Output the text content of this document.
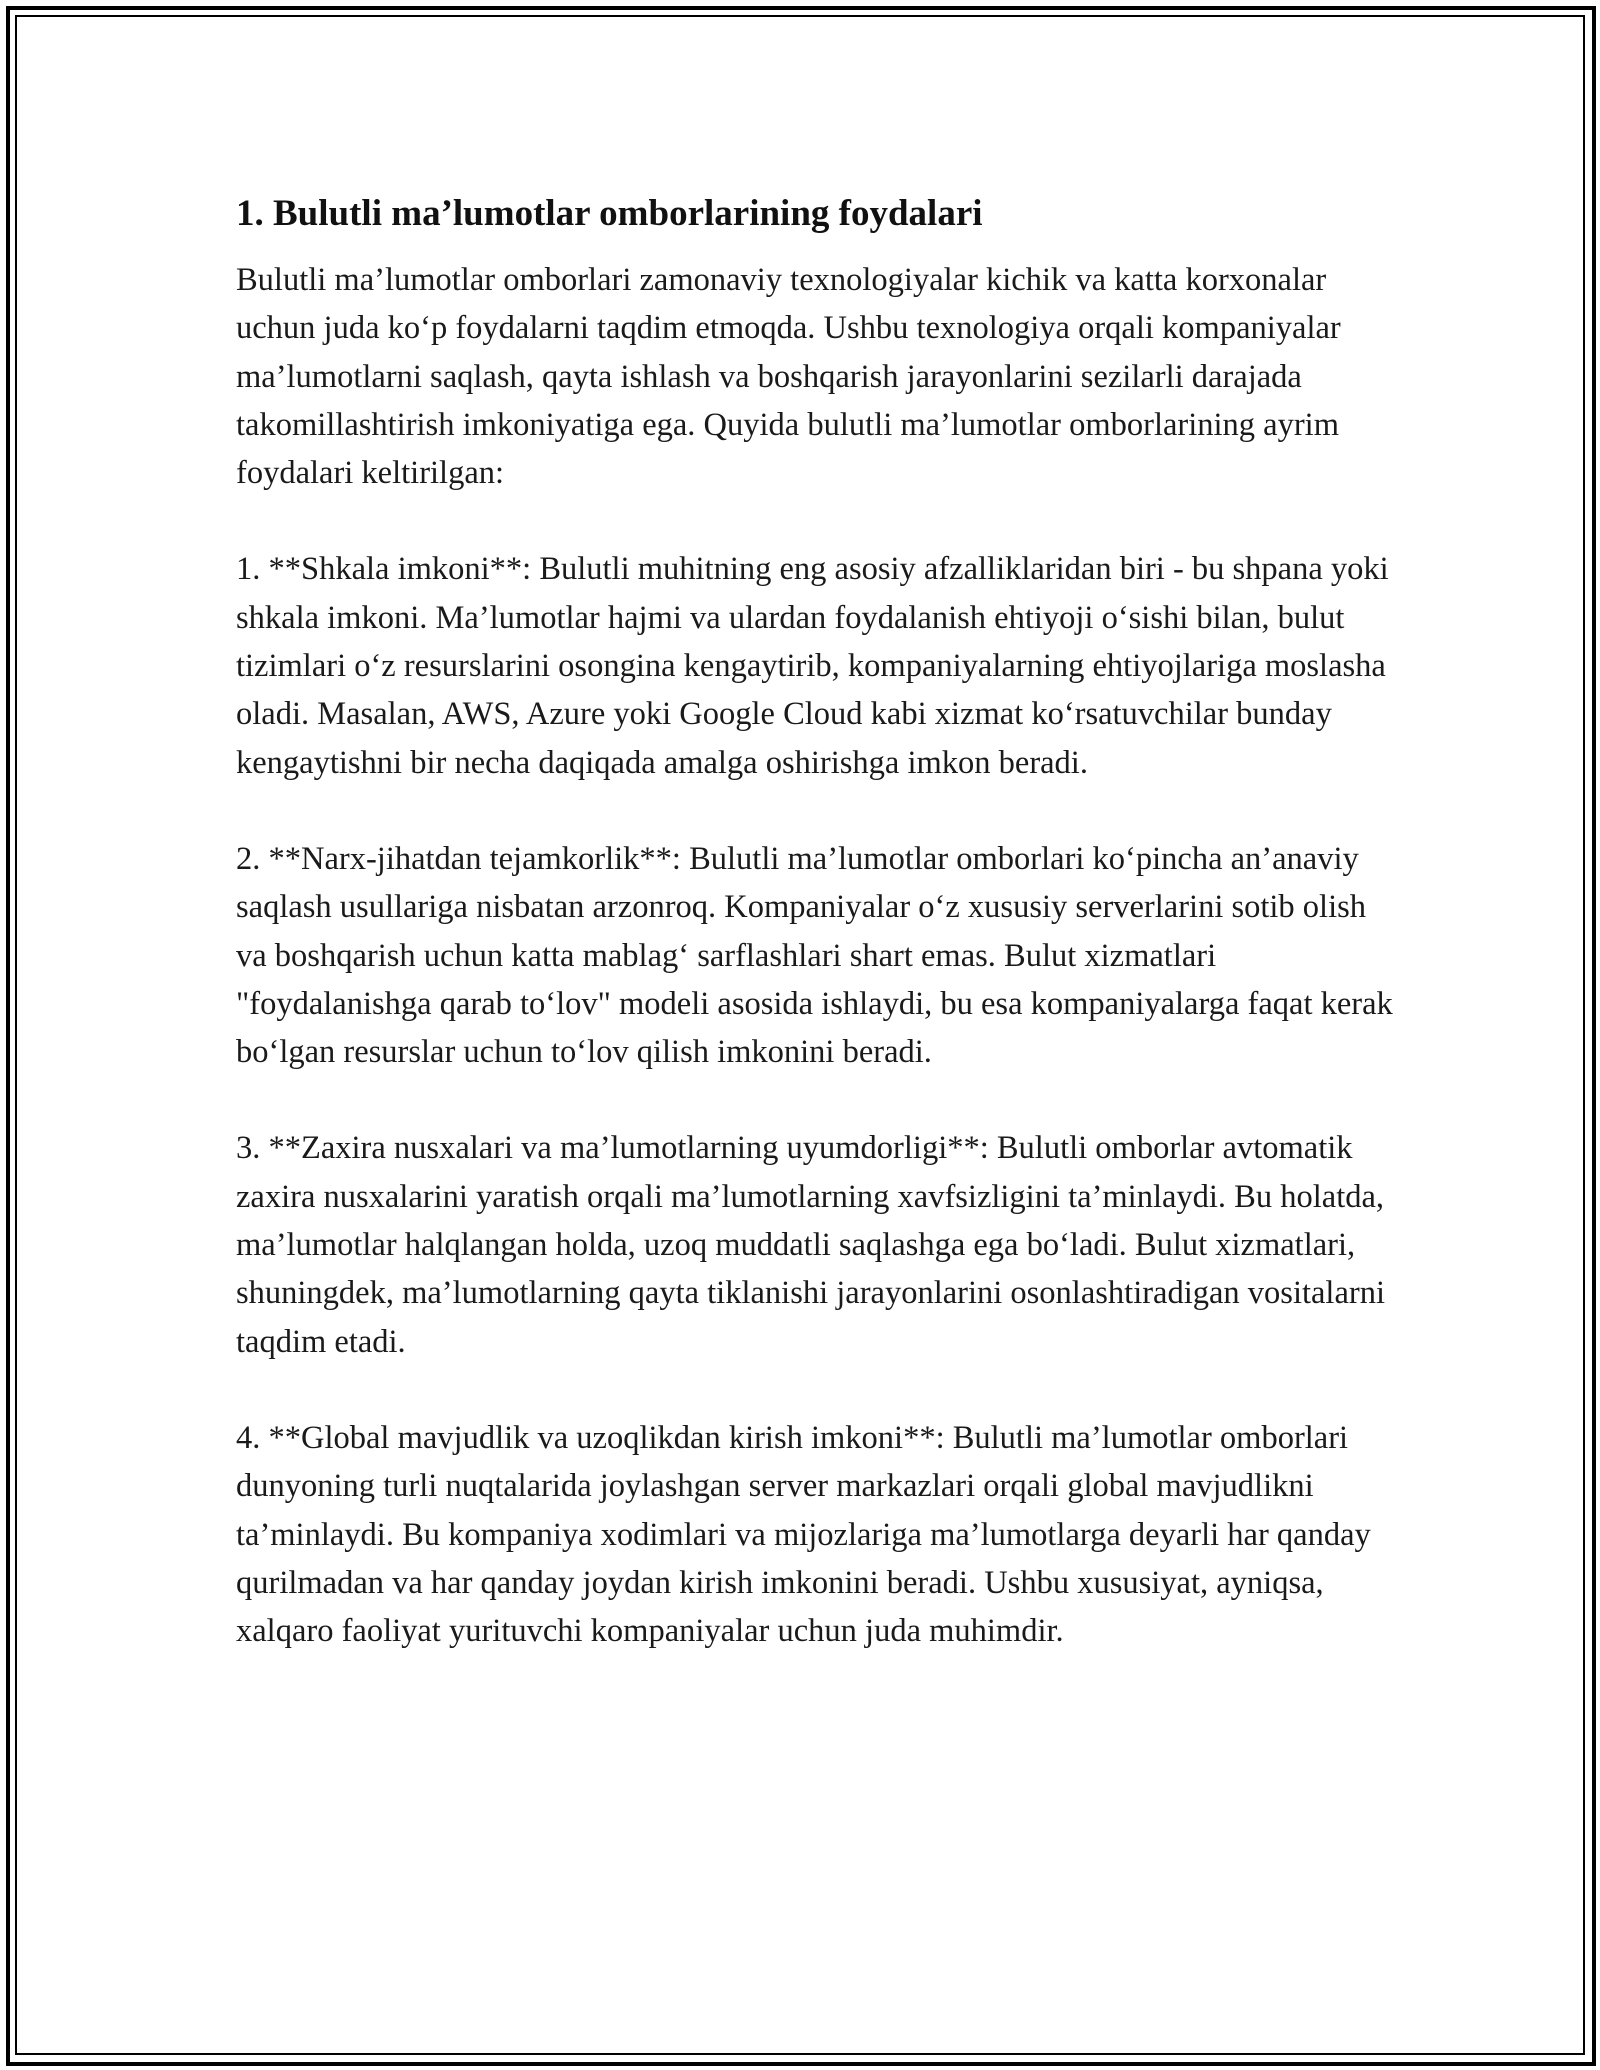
1. Bulutli ma’lumotlar omborlarining foydalari

Bulutli ma’lumotlar omborlari zamonaviy texnologiyalar kichik va katta korxonalar uchun juda ko‘p foydalarni taqdim etmoqda. Ushbu texnologiya orqali kompaniyalar ma’lumotlarni saqlash, qayta ishlash va boshqarish jarayonlarini sezilarli darajada takomillashtirish imkoniyatiga ega. Quyida bulutli ma’lumotlar omborlarining ayrim foydalari keltirilgan:

1. **Shkala imkoni**: Bulutli muhitning eng asosiy afzalliklaridan biri - bu shpana yoki shkala imkoni. Ma’lumotlar hajmi va ulardan foydalanish ehtiyoji o‘sishi bilan, bulut tizimlari o‘z resurslarini osongina kengaytirib, kompaniyalarning ehtiyojlariga moslasha oladi. Masalan, AWS, Azure yoki Google Cloud kabi xizmat ko‘rsatuvchilar bunday kengaytishni bir necha daqiqada amalga oshirishga imkon beradi.

2. **Narx-jihatdan tejamkorlik**: Bulutli ma’lumotlar omborlari ko‘pincha an’anaviy saqlash usullariga nisbatan arzonroq. Kompaniyalar o‘z xususiy serverlarini sotib olish va boshqarish uchun katta mablag‘ sarflashlari shart emas. Bulut xizmatlari "foydalanishga qarab to‘lov" modeli asosida ishlaydi, bu esa kompaniyalarga faqat kerak bo‘lgan resurslar uchun to‘lov qilish imkonini beradi.

3. **Zaxira nusxalari va ma’lumotlarning uyumdorligi**: Bulutli omborlar avtomatik zaxira nusxalarini yaratish orqali ma’lumotlarning xavfsizligini ta’minlaydi. Bu holatda, ma’lumotlar halqlangan holda, uzoq muddatli saqlashga ega bo‘ladi. Bulut xizmatlari, shuningdek, ma’lumotlarning qayta tiklanishi jarayonlarini osonlashtiradigan vositalarni taqdim etadi.

4. **Global mavjudlik va uzoqlikdan kirish imkoni**: Bulutli ma’lumotlar omborlari dunyoning turli nuqtalarida joylashgan server markazlari orqali global mavjudlikni ta’minlaydi. Bu kompaniya xodimlari va mijozlariga ma’lumotlarga deyarli har qanday qurilmadan va har qanday joydan kirish imkonini beradi. Ushbu xususiyat, ayniqsa, xalqaro faoliyat yurituvchi kompaniyalar uchun juda muhimdir.
